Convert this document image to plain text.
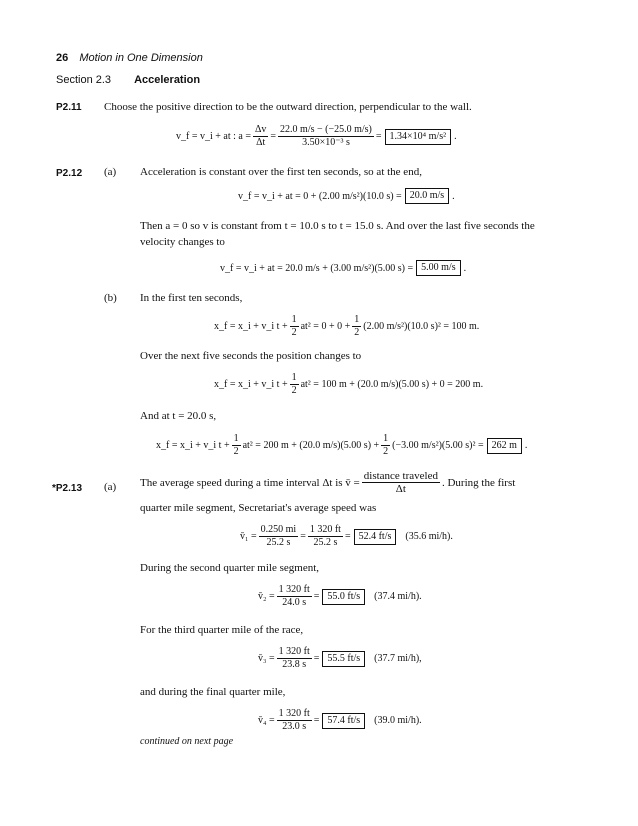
26 Motion in One Dimension
Section 2.3 Acceleration
P2.11 Choose the positive direction to be the outward direction, perpendicular to the wall.
v_f = v_i + at : $a = \frac{\Delta v}{\Delta t} = \frac{22.0 m/s - (-25.0 m/s)}{\text{3.50×10⁻³ s}} = 1.34\times 10^4$ m/s² .
P2.12 (a) Acceleration is constant over the first ten seconds, so at the end,
v_f = v_i + at = 0 + (2.00 m/s²)(10.0 s) = 20.0 m/s .
Then a = 0 so v is constant from t = 10.0 s to t = 15.0 s. And over the last five seconds the velocity changes to
v_f = v_i + at = 20.0 m/s + (3.00 m/s²)(5.00 s) = 5.00 m/s .
(b) In the first ten seconds,
x_f = x_i + v_i $t + \frac{1}{2} at^2 = 0 + 0 + \frac{1}{2} (2.00$ m/s²)(10.0 s)² = 100 m.
Over the next five seconds the position changes to
x_f = x_i + v_i $t + \frac{1}{2} at^2 = 100$ m + (20.0 m/s)(5.00 s) + 0 = 200 m.
And at t = 20.0 s,
x_f = x_i + v_i $t + \frac{1}{2} at^2 = 200$ m + (20.0 m/s)(5.00 $s) + \frac{1}{2} (-3.00$ m/s²)(5.00 s)² = 262 m .
*P2.13 (a) The average speed during a time interval Δt is v̄ = $\frac{\text{distance traveled}}{\Delta t}$ . During the first
quarter mile segment, Secretariat's average speed was
v̄₁ = $\frac{0.250 mi}{25.2 s} = \frac{1 320 ft}{25.2 s} = 52.4$ ft/s	(35.6 mi/h).
During the second quarter mile segment,
v̄₂ = $\frac{1 320 ft}{24.0 s} = 55.0$ ft/s	(37.4 mi/h).
For the third quarter mile of the race,
v̄₃ = $\frac{1 320 ft}{23.8 s} = 55.5$ ft/s	(37.7 mi/h),
and during the final quarter mile,
v̄₄ = $\frac{1 320 ft}{23.0 s} = 57.4$ ft/s	(39.0 mi/h).
continued on next page
